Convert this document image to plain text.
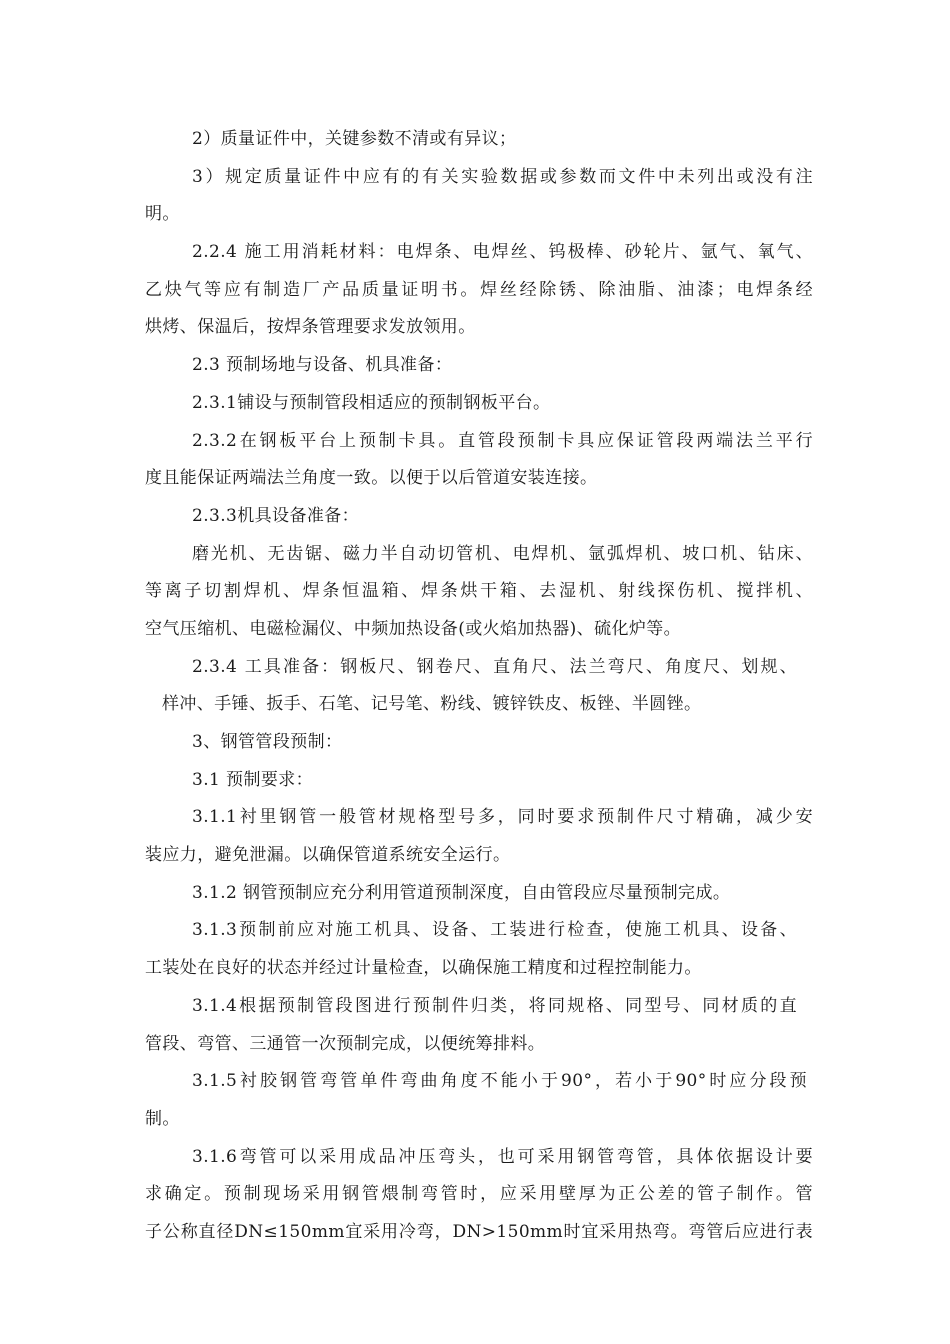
2）质量证件中，关键参数不清或有异议；
3）规定质量证件中应有的有关实验数据或参数而文件中未列出或没有注
明。
2.2.4 施工用消耗材料：电焊条、电焊丝、钨极棒、砂轮片、氩气、氧气、
乙炔气等应有制造厂产品质量证明书。焊丝经除锈、除油脂、油漆；电焊条经
烘烤、保温后，按焊条管理要求发放领用。
2.3 预制场地与设备、机具准备：
2.3.1铺设与预制管段相适应的预制钢板平台。
2.3.2在钢板平台上预制卡具。直管段预制卡具应保证管段两端法兰平行
度且能保证两端法兰角度一致。以便于以后管道安装连接。
2.3.3机具设备准备：
磨光机、无齿锯、磁力半自动切管机、电焊机、氩弧焊机、坡口机、钻床、
等离子切割焊机、焊条恒温箱、焊条烘干箱、去湿机、射线探伤机、搅拌机、
空气压缩机、电磁检漏仪、中频加热设备(或火焰加热器)、硫化炉等。
2.3.4 工具准备：钢板尺、钢卷尺、直角尺、法兰弯尺、角度尺、划规、
样冲、手锤、扳手、石笔、记号笔、粉线、镀锌铁皮、板锉、半圆锉。
3、钢管管段预制：
3.1 预制要求：
3.1.1衬里钢管一般管材规格型号多，同时要求预制件尺寸精确，减少安
装应力，避免泄漏。以确保管道系统安全运行。
3.1.2 钢管预制应充分利用管道预制深度，自由管段应尽量预制完成。
3.1.3预制前应对施工机具、设备、工装进行检查，使施工机具、设备、
工装处在良好的状态并经过计量检查，以确保施工精度和过程控制能力。
3.1.4根据预制管段图进行预制件归类，将同规格、同型号、同材质的直
管段、弯管、三通管一次预制完成，以便统筹排料。
3.1.5衬胶钢管弯管单件弯曲角度不能小于90°，若小于90°时应分段预
制。
3.1.6弯管可以采用成品冲压弯头，也可采用钢管弯管，具体依据设计要
求确定。预制现场采用钢管煨制弯管时，应采用壁厚为正公差的管子制作。管
子公称直径DN≤150mm宜采用冷弯，DN>150mm时宜采用热弯。弯管后应进行表
